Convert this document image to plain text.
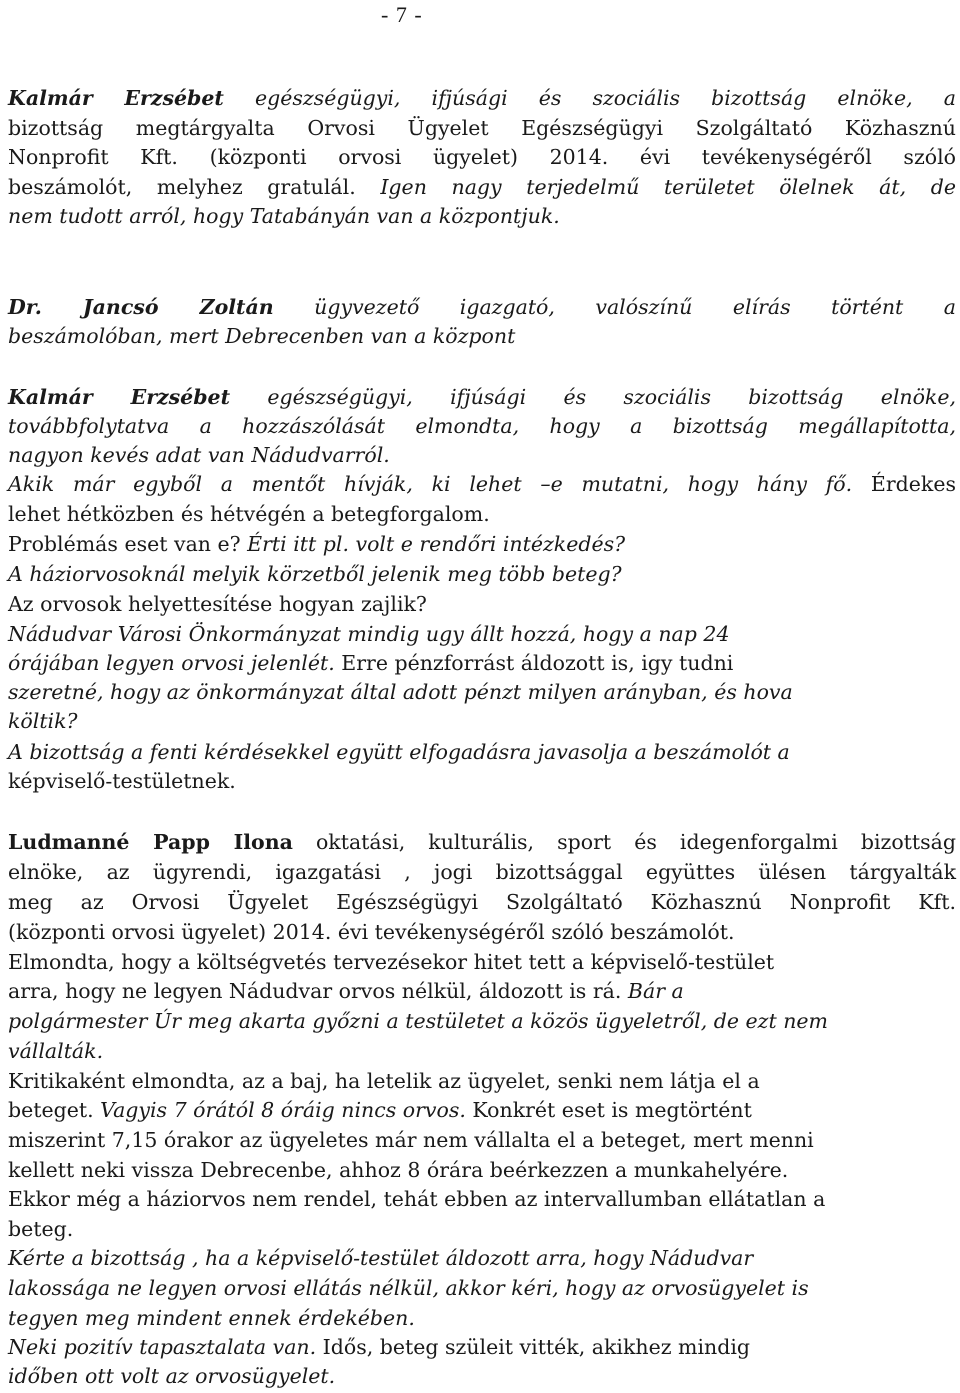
- 7 -
Kalmár Erzsébet egészségügyi, ifjúsági és szociális bizottság elnöke, a
bizottság megtárgyalta Orvosi Ügyelet Egészségügyi Szolgáltató Közhasznú
Nonprofit Kft. (központi orvosi ügyelet) 2014. évi tevékenységéről szóló
beszámolót, melyhez gratulál. Igen nagy terjedelmű területet ölelnek át, de
nem tudott arról, hogy Tatabányán van a központjuk.
Dr. Jancsó Zoltán ügyvezető igazgató, valószínű elírás történt a
beszámolóban, mert Debrecenben van a központ
Kalmár Erzsébet egészségügyi, ifjúsági és szociális bizottság elnöke,
továbbfolytatva a hozzászólását elmondta, hogy a bizottság megállapította,
nagyon kevés adat van Nádudvarról.
Akik már egyből a mentőt hívják, ki lehet –e mutatni, hogy hány fő. Érdekes
lehet hétközben és hétvégén a betegforgalom.
Problémás eset van e? Érti itt pl. volt e rendőri intézkedés?
A háziorvosoknál melyik körzetből jelenik meg több beteg?
Az orvosok helyettesítése hogyan zajlik?
Nádudvar Városi Önkormányzat mindig ugy állt hozzá, hogy a nap 24
órájában legyen orvosi jelenlét. Erre pénzforrást áldozott is, igy tudni
szeretné, hogy az önkormányzat által adott pénzt milyen arányban, és hova
költik?
A bizottság a fenti kérdésekkel együtt elfogadásra javasolja a beszámolót a
képviselő-testületnek.
Ludmanné Papp Ilona oktatási, kulturális, sport és idegenforgalmi bizottság
elnöke, az ügyrendi, igazgatási , jogi bizottsággal együttes ülésen tárgyalták
meg az Orvosi Ügyelet Egészségügyi Szolgáltató Közhasznú Nonprofit Kft.
(központi orvosi ügyelet) 2014. évi tevékenységéről szóló beszámolót.
Elmondta, hogy a költségvetés tervezésekor hitet tett a képviselő-testület
arra, hogy ne legyen Nádudvar orvos nélkül, áldozott is rá. Bár a
polgármester Úr meg akarta győzni a testületet a közös ügyeletről, de ezt nem
vállalták.
Kritikaként elmondta, az a baj, ha letelik az ügyelet, senki nem látja el a
beteget. Vagyis 7 órától 8 óráig nincs orvos. Konkrét eset is megtörtént
miszerint 7,15 órakor az ügyeletes már nem vállalta el a beteget, mert menni
kellett neki vissza Debrecenbe, ahhoz 8 órára beérkezzen a munkahelyére.
Ekkor még a háziorvos nem rendel, tehát ebben az intervallumban ellátatlan a
beteg.
Kérte a bizottság , ha a képviselő-testület áldozott arra, hogy Nádudvar
lakossága ne legyen orvosi ellátás nélkül, akkor kéri, hogy az orvosügyelet is
tegyen meg mindent ennek érdekében.
Neki pozitív tapasztalata van. Idős, beteg szüleit vitték, akikhez mindig
időben ott volt az orvosügyelet.
